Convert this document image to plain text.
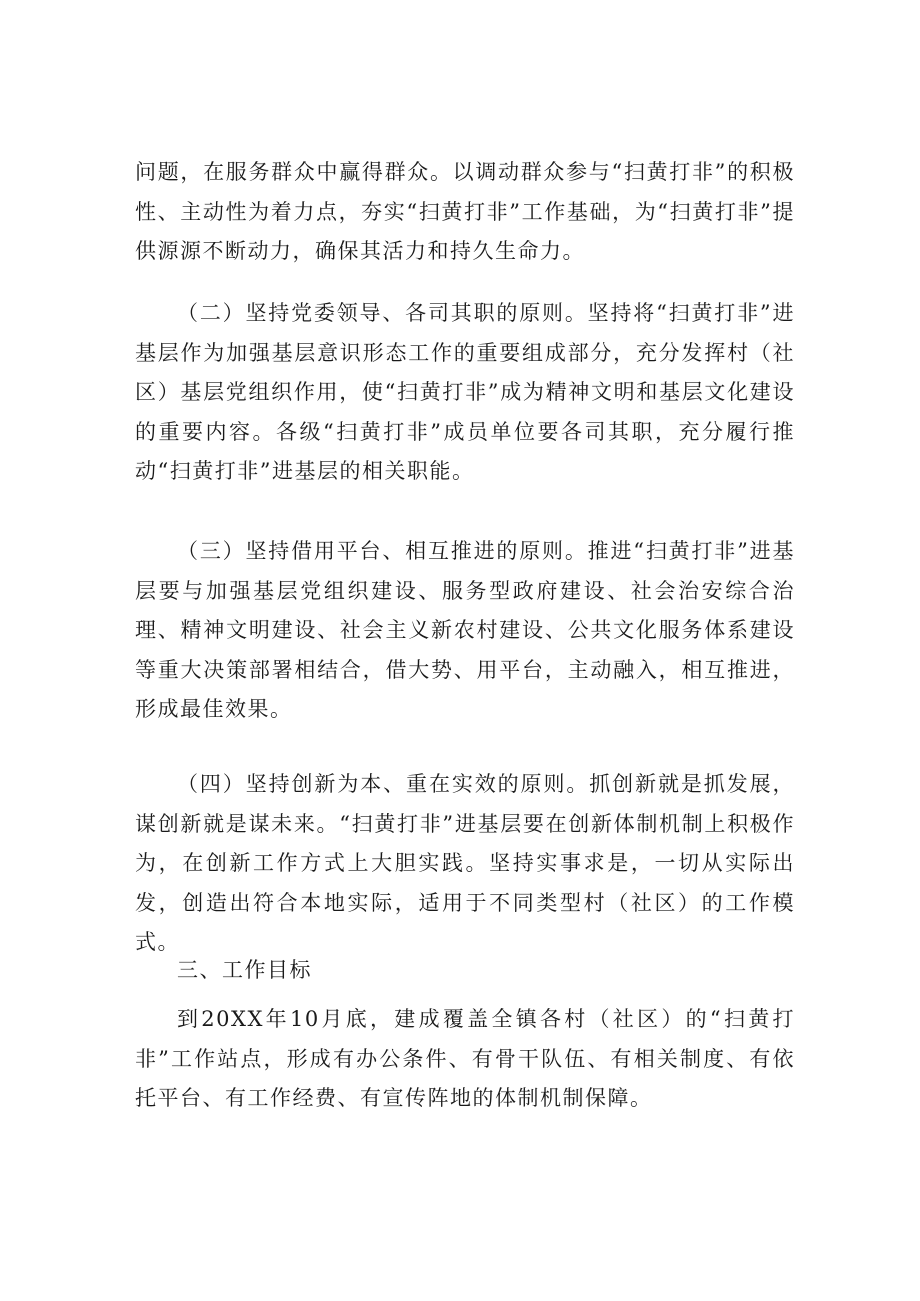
问题，在服务群众中赢得群众。以调动群众参与“扫黄打非”的积极性、主动性为着力点，夯实“扫黄打非”工作基础，为“扫黄打非”提供源源不断动力，确保其活力和持久生命力。

（二）坚持党委领导、各司其职的原则。坚持将“扫黄打非”进基层作为加强基层意识形态工作的重要组成部分，充分发挥村（社区）基层党组织作用，使“扫黄打非”成为精神文明和基层文化建设的重要内容。各级“扫黄打非”成员单位要各司其职，充分履行推动“扫黄打非”进基层的相关职能。

（三）坚持借用平台、相互推进的原则。推进“扫黄打非”进基层要与加强基层党组织建设、服务型政府建设、社会治安综合治理、精神文明建设、社会主义新农村建设、公共文化服务体系建设等重大决策部署相结合，借大势、用平台，主动融入，相互推进，形成最佳效果。

（四）坚持创新为本、重在实效的原则。抓创新就是抓发展，谋创新就是谋未来。“扫黄打非”进基层要在创新体制机制上积极作为，在创新工作方式上大胆实践。坚持实事求是，一切从实际出发，创造出符合本地实际，适用于不同类型村（社区）的工作模式。

三、工作目标

到20XX年10月底，建成覆盖全镇各村（社区）的“扫黄打非”工作站点，形成有办公条件、有骨干队伍、有相关制度、有依托平台、有工作经费、有宣传阵地的体制机制保障。
